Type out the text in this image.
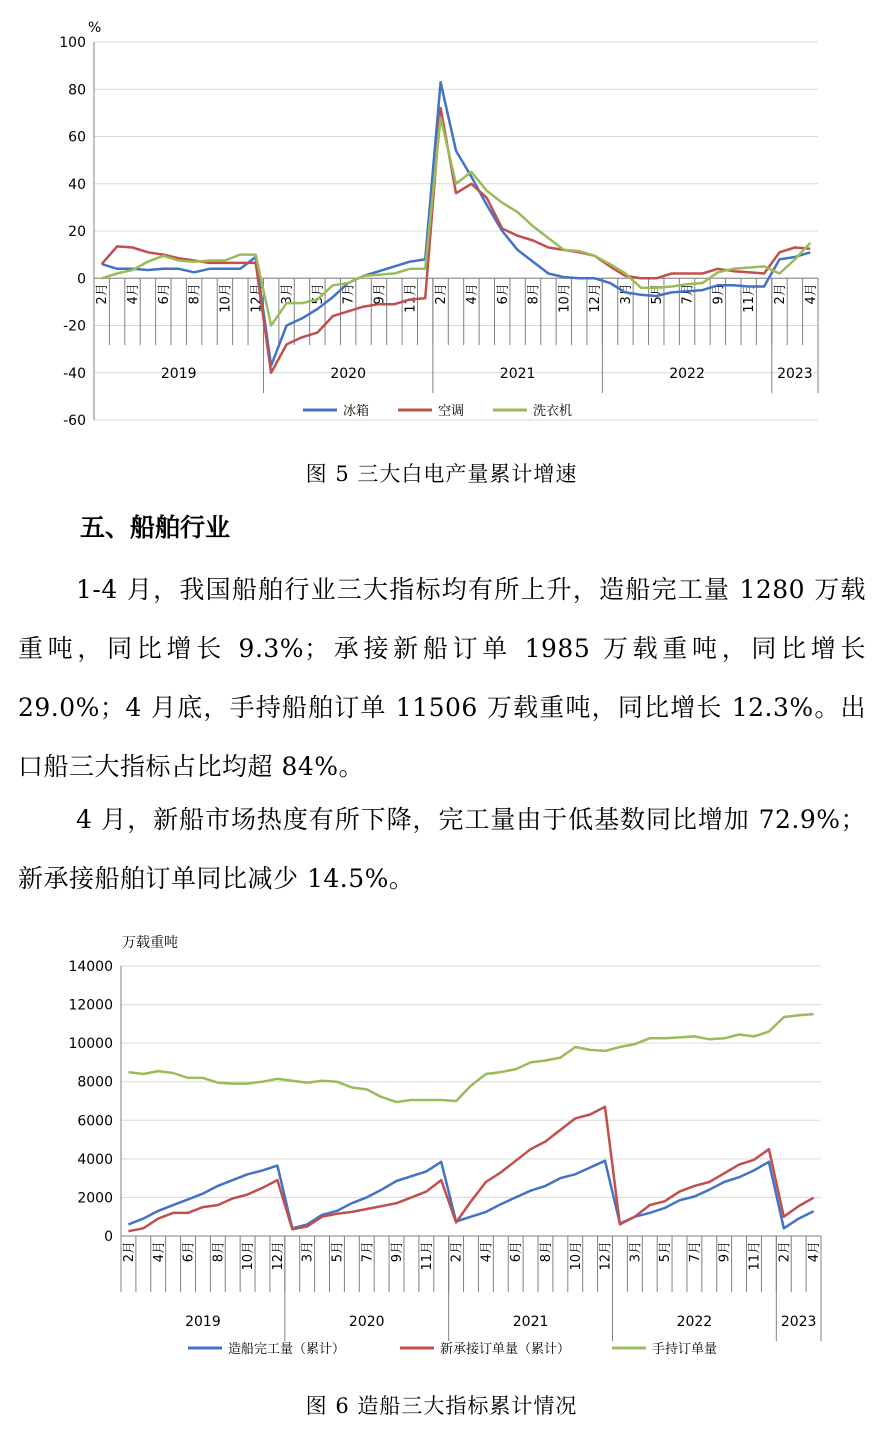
%
100
80
60
40
20
0
-20
-40
-60
2月 4月 6月 8月 10月 12月 3月 5月 7月 9月 11月 2月 4月 6月 8月 10月 12月 3月 5月 7月 9月 11月 2月 4月
2019	2020	2021	2022	2023
冰箱	空调	洗衣机
图 5 三大白电产量累计增速
五、船舶行业
1-4 月，我国船舶行业三大指标均有所上升，造船完工量 1280 万载重吨，同比增长 9.3%；承接新船订单 1985 万载重吨，同比增长 29.0%；4 月底，手持船舶订单 11506 万载重吨，同比增长 12.3%。出口船三大指标占比均超 84%。
4 月，新船市场热度有所下降，完工量由于低基数同比增加 72.9%；新承接船舶订单同比减少 14.5%。
万载重吨
14000
12000
10000
8000
6000
4000
2000
0
2月 4月 6月 8月 10月 12月 3月 5月 7月 9月 11月 2月 4月 6月 8月 10月 12月 3月 5月 7月 9月 11月 2月 4月
2019	2020	2021	2022	2023
造船完工量（累计）	新承接订单量（累计）	手持订单量
图 6 造船三大指标累计情况
